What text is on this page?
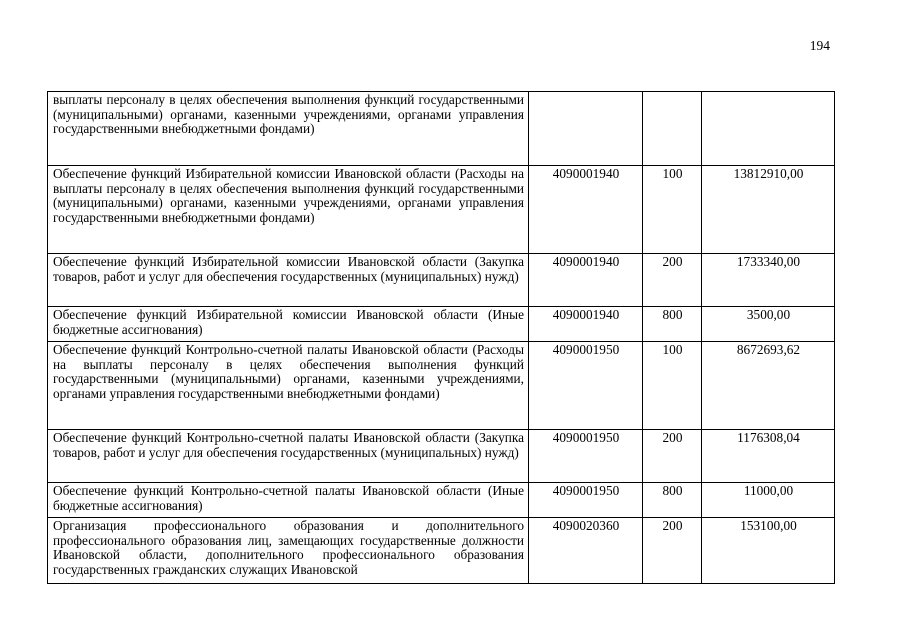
194
выплаты персоналу в целях обеспечения выполнения функций государственными (муниципальными) органами, казенными учреждениями, органами управления государственными внебюджетными фондами)			

Обеспечение функций Избирательной комиссии Ивановской области (Расходы на выплаты персоналу в целях обеспечения выполнения функций государственными (муниципальными) органами, казенными учреждениями, органами управления государственными внебюджетными фондами)	4090001940	100	13812910,00

Обеспечение функций Избирательной комиссии Ивановской области (Закупка товаров, работ и услуг для обеспечения государственных (муниципальных) нужд)	4090001940	200	1733340,00

Обеспечение функций Избирательной комиссии Ивановской области (Иные бюджетные ассигнования)	4090001940	800	3500,00

Обеспечение функций Контрольно-счетной палаты Ивановской области (Расходы на выплаты персоналу в целях обеспечения выполнения функций государственными (муниципальными) органами, казенными учреждениями, органами управления государственными внебюджетными фондами)	4090001950	100	8672693,62

Обеспечение функций Контрольно-счетной палаты Ивановской области (Закупка товаров, работ и услуг для обеспечения государственных (муниципальных) нужд)	4090001950	200	1176308,04

Обеспечение функций Контрольно-счетной палаты Ивановской области (Иные бюджетные ассигнования)	4090001950	800	11000,00

Организация профессионального образования и дополнительного профессионального образования лиц, замещающих государственные должности Ивановской области, дополнительного профессионального образования государственных гражданских служащих Ивановской	4090020360	200	153100,00
